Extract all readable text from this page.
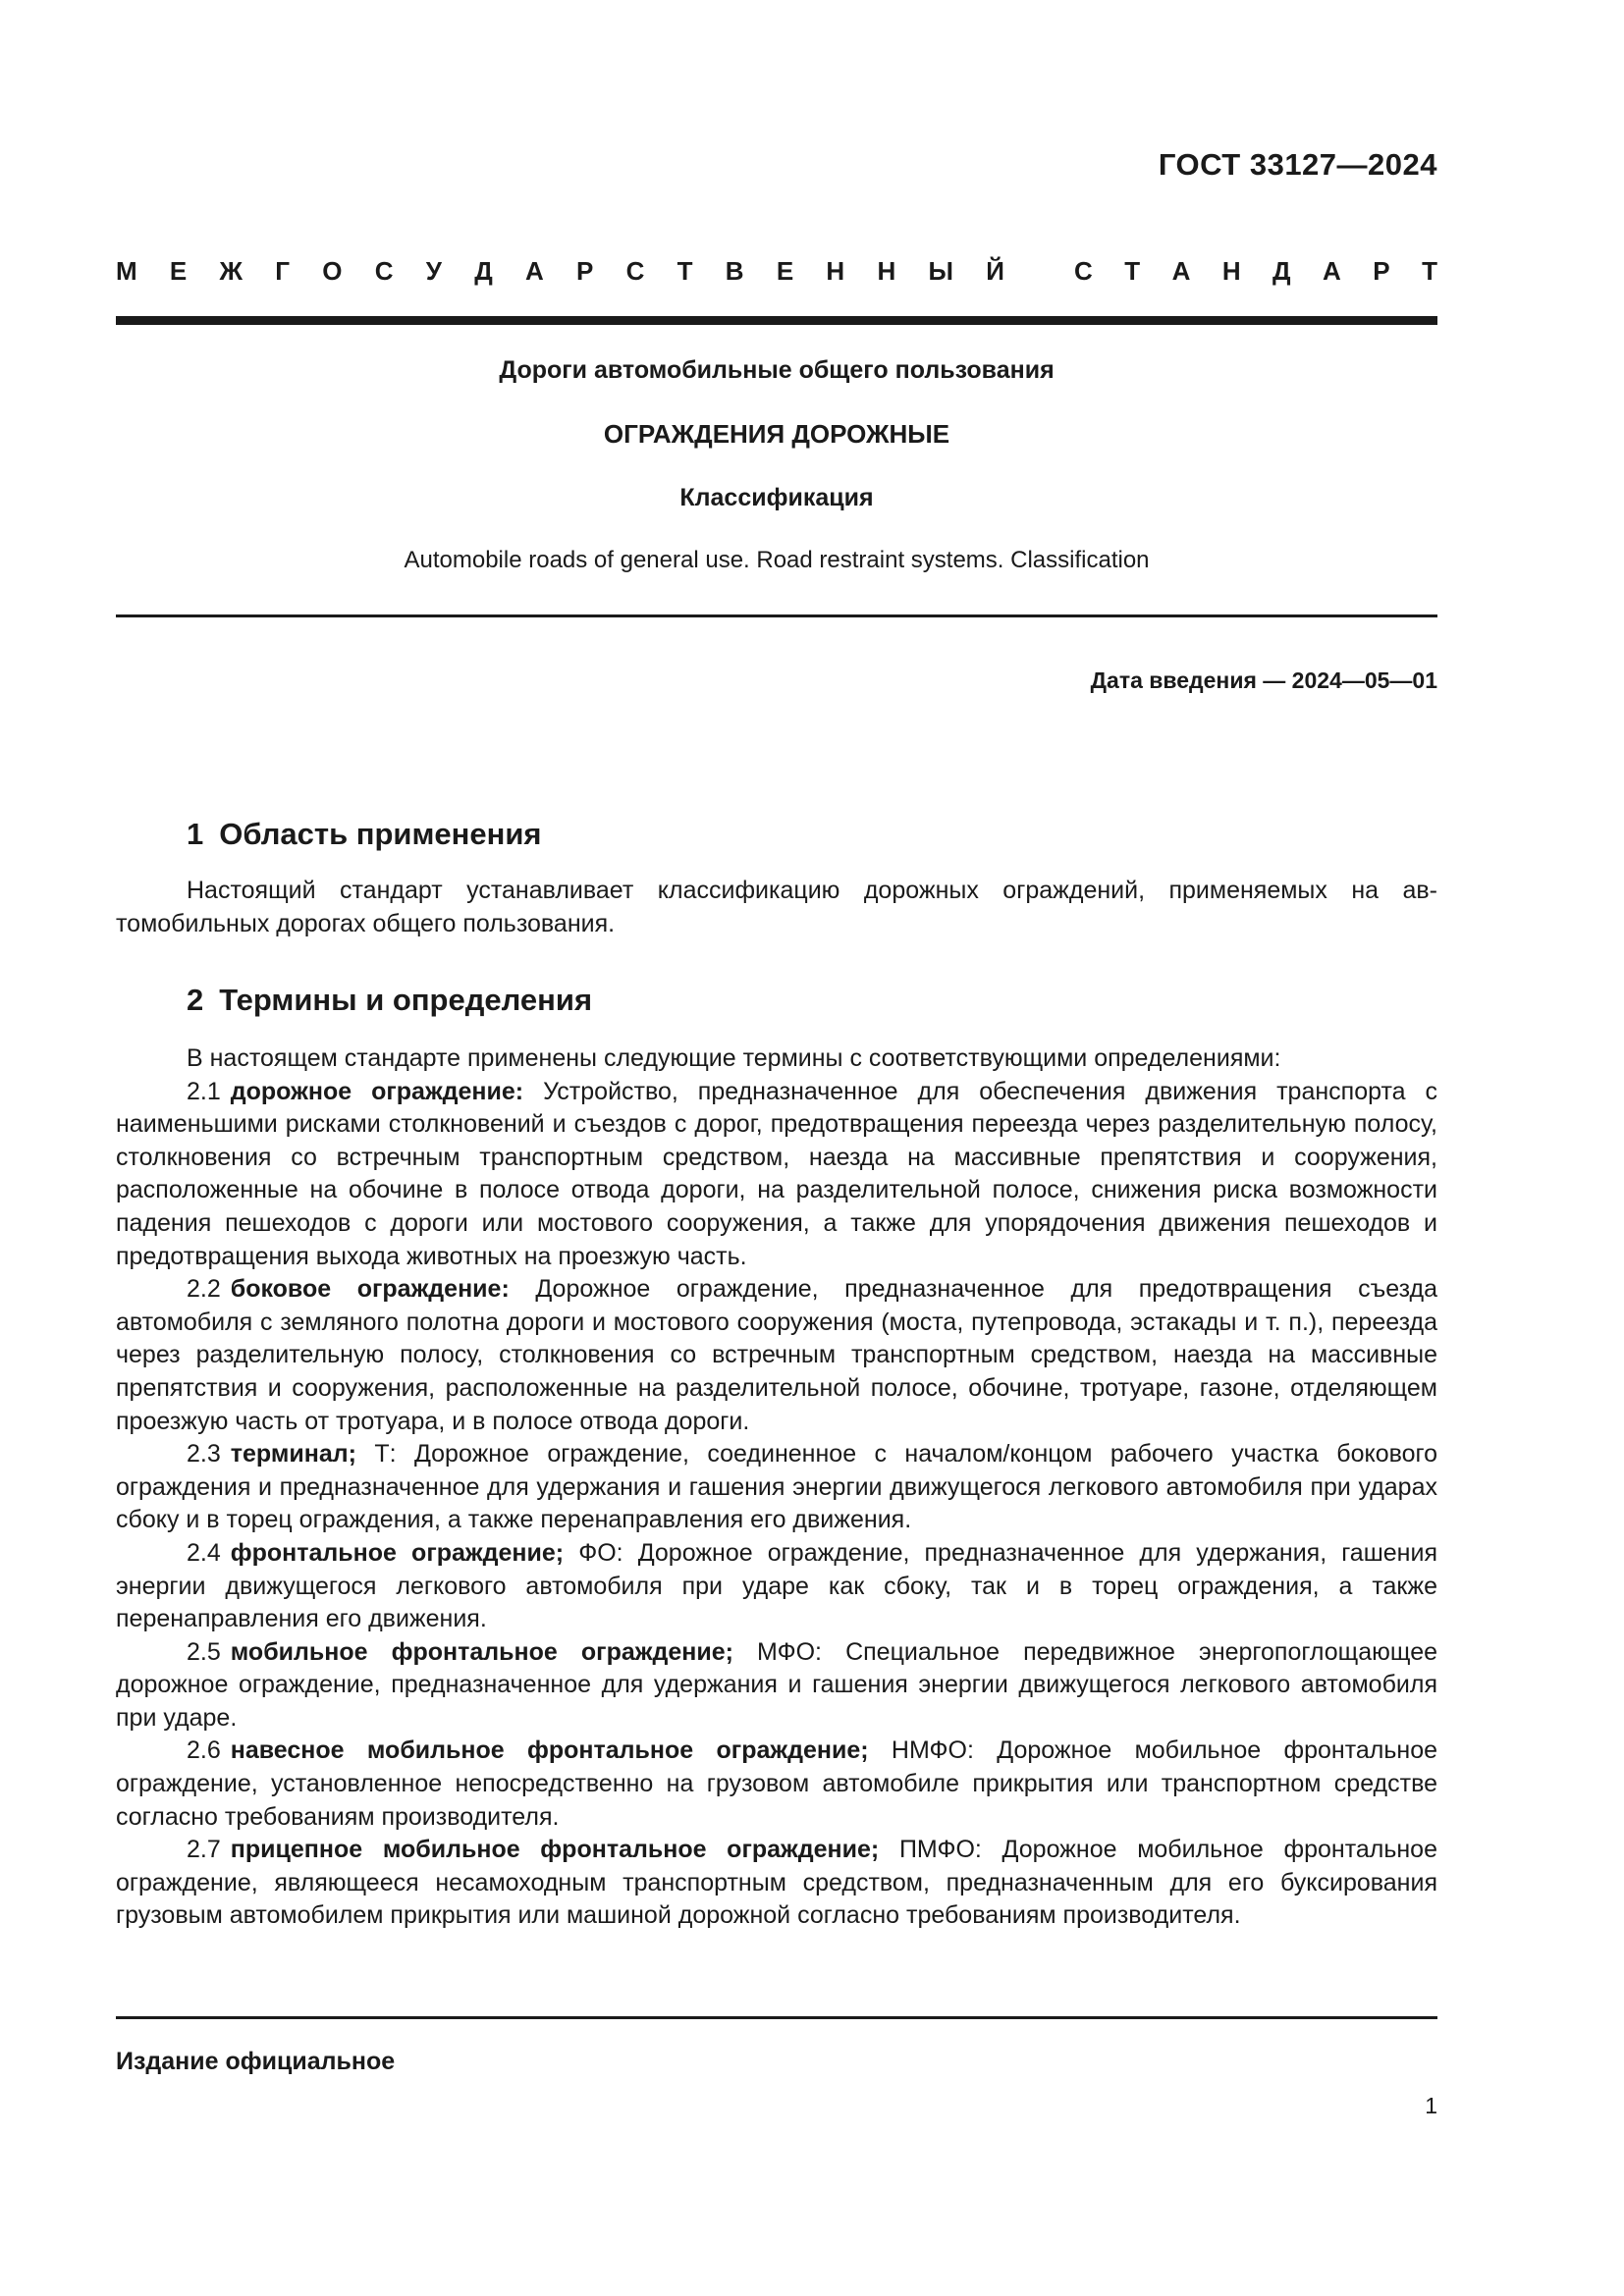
ГОСТ 33127—2024
М Е Ж Г О С У Д А Р С Т В Е Н Н Ы Й	С Т А Н Д А Р Т
Дороги автомобильные общего пользования
ОГРАЖДЕНИЯ ДОРОЖНЫЕ
Классификация
Automobile roads of general use. Road restraint systems. Classification
Дата введения — 2024—05—01
1 Область применения

Настоящий стандарт устанавливает классификацию дорожных ограждений, применяемых на автомобильных дорогах общего пользования.

2 Термины и определения

В настоящем стандарте применены следующие термины с соответствующими определениями:

2.1 дорожное ограждение: Устройство, предназначенное для обеспечения движения транспорта с наименьшими рисками столкновений и съездов с дорог, предотвращения переезда через разделительную полосу, столкновения со встречным транспортным средством, наезда на массивные препятствия и сооружения, расположенные на обочине в полосе отвода дороги, на разделительной полосе, снижения риска возможности падения пешеходов с дороги или мостового сооружения, а также для упорядочения движения пешеходов и предотвращения выхода животных на проезжую часть.

2.2 боковое ограждение: Дорожное ограждение, предназначенное для предотвращения съезда автомобиля с земляного полотна дороги и мостового сооружения (моста, путепровода, эстакады и т. п.), переезда через разделительную полосу, столкновения со встречным транспортным средством, наезда на массивные препятствия и сооружения, расположенные на разделительной полосе, обочине, тротуаре, газоне, отделяющем проезжую часть от тротуара, и в полосе отвода дороги.

2.3 терминал; Т: Дорожное ограждение, соединенное с началом/концом рабочего участка бокового ограждения и предназначенное для удержания и гашения энергии движущегося легкового автомобиля при ударах сбоку и в торец ограждения, а также перенаправления его движения.

2.4 фронтальное ограждение; ФО: Дорожное ограждение, предназначенное для удержания, гашения энергии движущегося легкового автомобиля при ударе как сбоку, так и в торец ограждения, а также перенаправления его движения.

2.5 мобильное фронтальное ограждение; МФО: Специальное передвижное энергопоглощающее дорожное ограждение, предназначенное для удержания и гашения энергии движущегося легкового автомобиля при ударе.

2.6 навесное мобильное фронтальное ограждение; НМФО: Дорожное мобильное фронтальное ограждение, установленное непосредственно на грузовом автомобиле прикрытия или транспортном средстве согласно требованиям производителя.

2.7 прицепное мобильное фронтальное ограждение; ПМФО: Дорожное мобильное фронтальное ограждение, являющееся несамоходным транспортным средством, предназначенным для его буксирования грузовым автомобилем прикрытия или машиной дорожной согласно требованиям производителя.

Издание официальное
1
